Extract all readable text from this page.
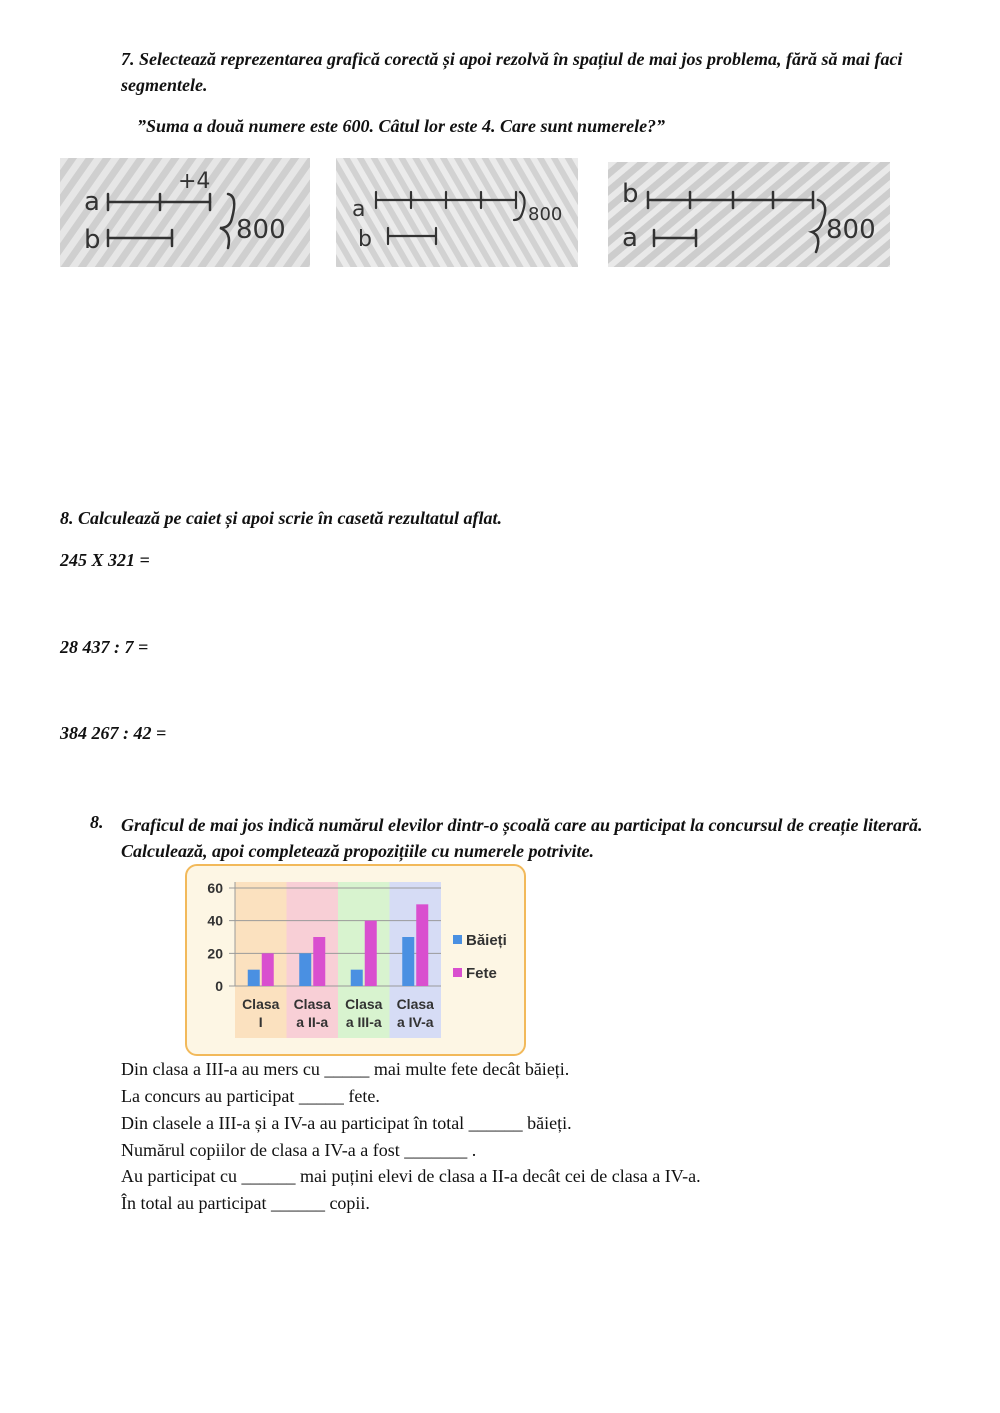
7. Selectează reprezentarea grafică corectă și apoi rezolvă în spațiul de mai jos problema, fără să mai faci segmentele.
”Suma a două numere este 600. Câtul lor este 4. Care sunt numerele?”
a
b
+4
800
a
b
800
b
a	800
8. Calculează pe caiet și apoi scrie în casetă rezultatul aflat.
245 X 321 =
28 437 : 7 =
384 267 : 42 =
8. Graficul de mai jos indică numărul elevilor dintr-o școală care au participat la concursul de creație literară. Calculează, apoi completează propozițiile cu numerele potrivite.
0
20
40
60
Clasa
I
Clasa
a II-a
Clasa
a III-a
Clasa
a IV-a
Băieți
Fete
Din clasa a III-a au mers cu _____ mai multe fete decât băieți.
La concurs au participat _____ fete.
Din clasele a III-a și a IV-a au participat în total ______ băieți.
Numărul copiilor de clasa a IV-a a fost _______ .
Au participat cu ______ mai puțini elevi de clasa a II-a decât cei de clasa a IV-a.
În total au participat ______ copii.
